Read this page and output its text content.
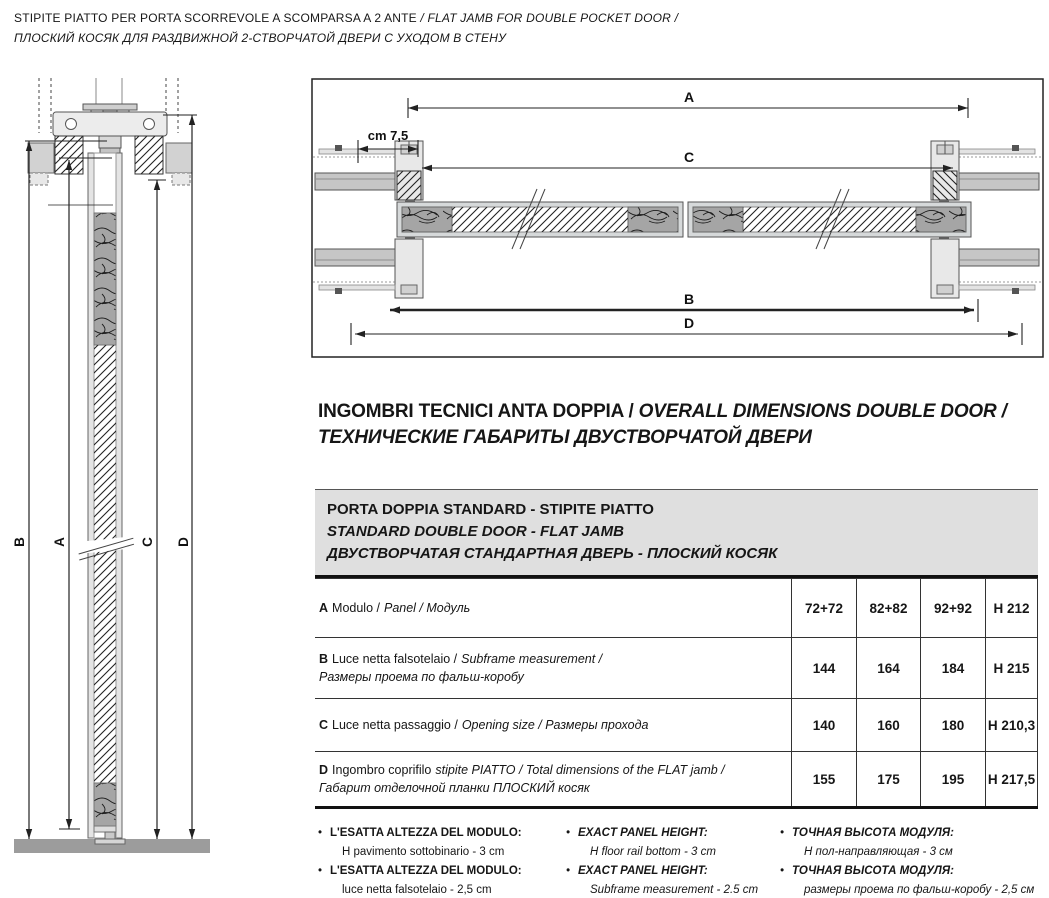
STIPITE PIATTO PER PORTA SCORREVOLE A SCOMPARSA A 2 ANTE / FLAT JAMB FOR DOUBLE POCKET DOOR /
ПЛОСКИЙ КОСЯК ДЛЯ РАЗДВИЖНОЙ 2-СТВОРЧАТОЙ ДВЕРИ С УХОДОМ В СТЕНУ
B A	C D
A
cm 7,5
C
B
D
INGOMBRI TECNICI ANTA DOPPIA / OVERALL DIMENSIONS DOUBLE DOOR /
ТЕХНИЧЕСКИЕ ГАБАРИТЫ ДВУСТВОРЧАТОЙ ДВЕРИ
PORTA DOPPIA STANDARD - STIPITE PIATTO
STANDARD DOUBLE DOOR - FLAT JAMB
ДВУСТВОРЧАТАЯ СТАНДАРТНАЯ ДВЕРЬ - ПЛОСКИЙ КОСЯК
A Modulo / Panel / Модуль	72+72	82+82	92+92	H 212
B Luce netta falsotelaio / Subframe measurement /
Размеры проема по фальш-коробу
144	164	184	H 215
C Luce netta passaggio / Opening size / Размеры прохода	140	160	180	H 210,3
D Ingombro coprifilo stipite PIATTO / Total dimensions of the FLAT jamb /
Габарит отделочной планки ПЛОСКИЙ косяк
155	175	195	H 217,5
• L'ESATTA ALTEZZA DEL MODULO:
H pavimento sottobinario - 3 cm
• L'ESATTA ALTEZZA DEL MODULO:
luce netta falsotelaio - 2,5 cm
• EXACT PANEL HEIGHT:
H floor rail bottom - 3 cm
• EXACT PANEL HEIGHT:
Subframe measurement - 2.5 cm
• ТОЧНАЯ ВЫСОТА МОДУЛЯ:
Н пол-направляющая - 3 см
• ТОЧНАЯ ВЫСОТА МОДУЛЯ:
размеры проема по фальш-коробу - 2,5 см
